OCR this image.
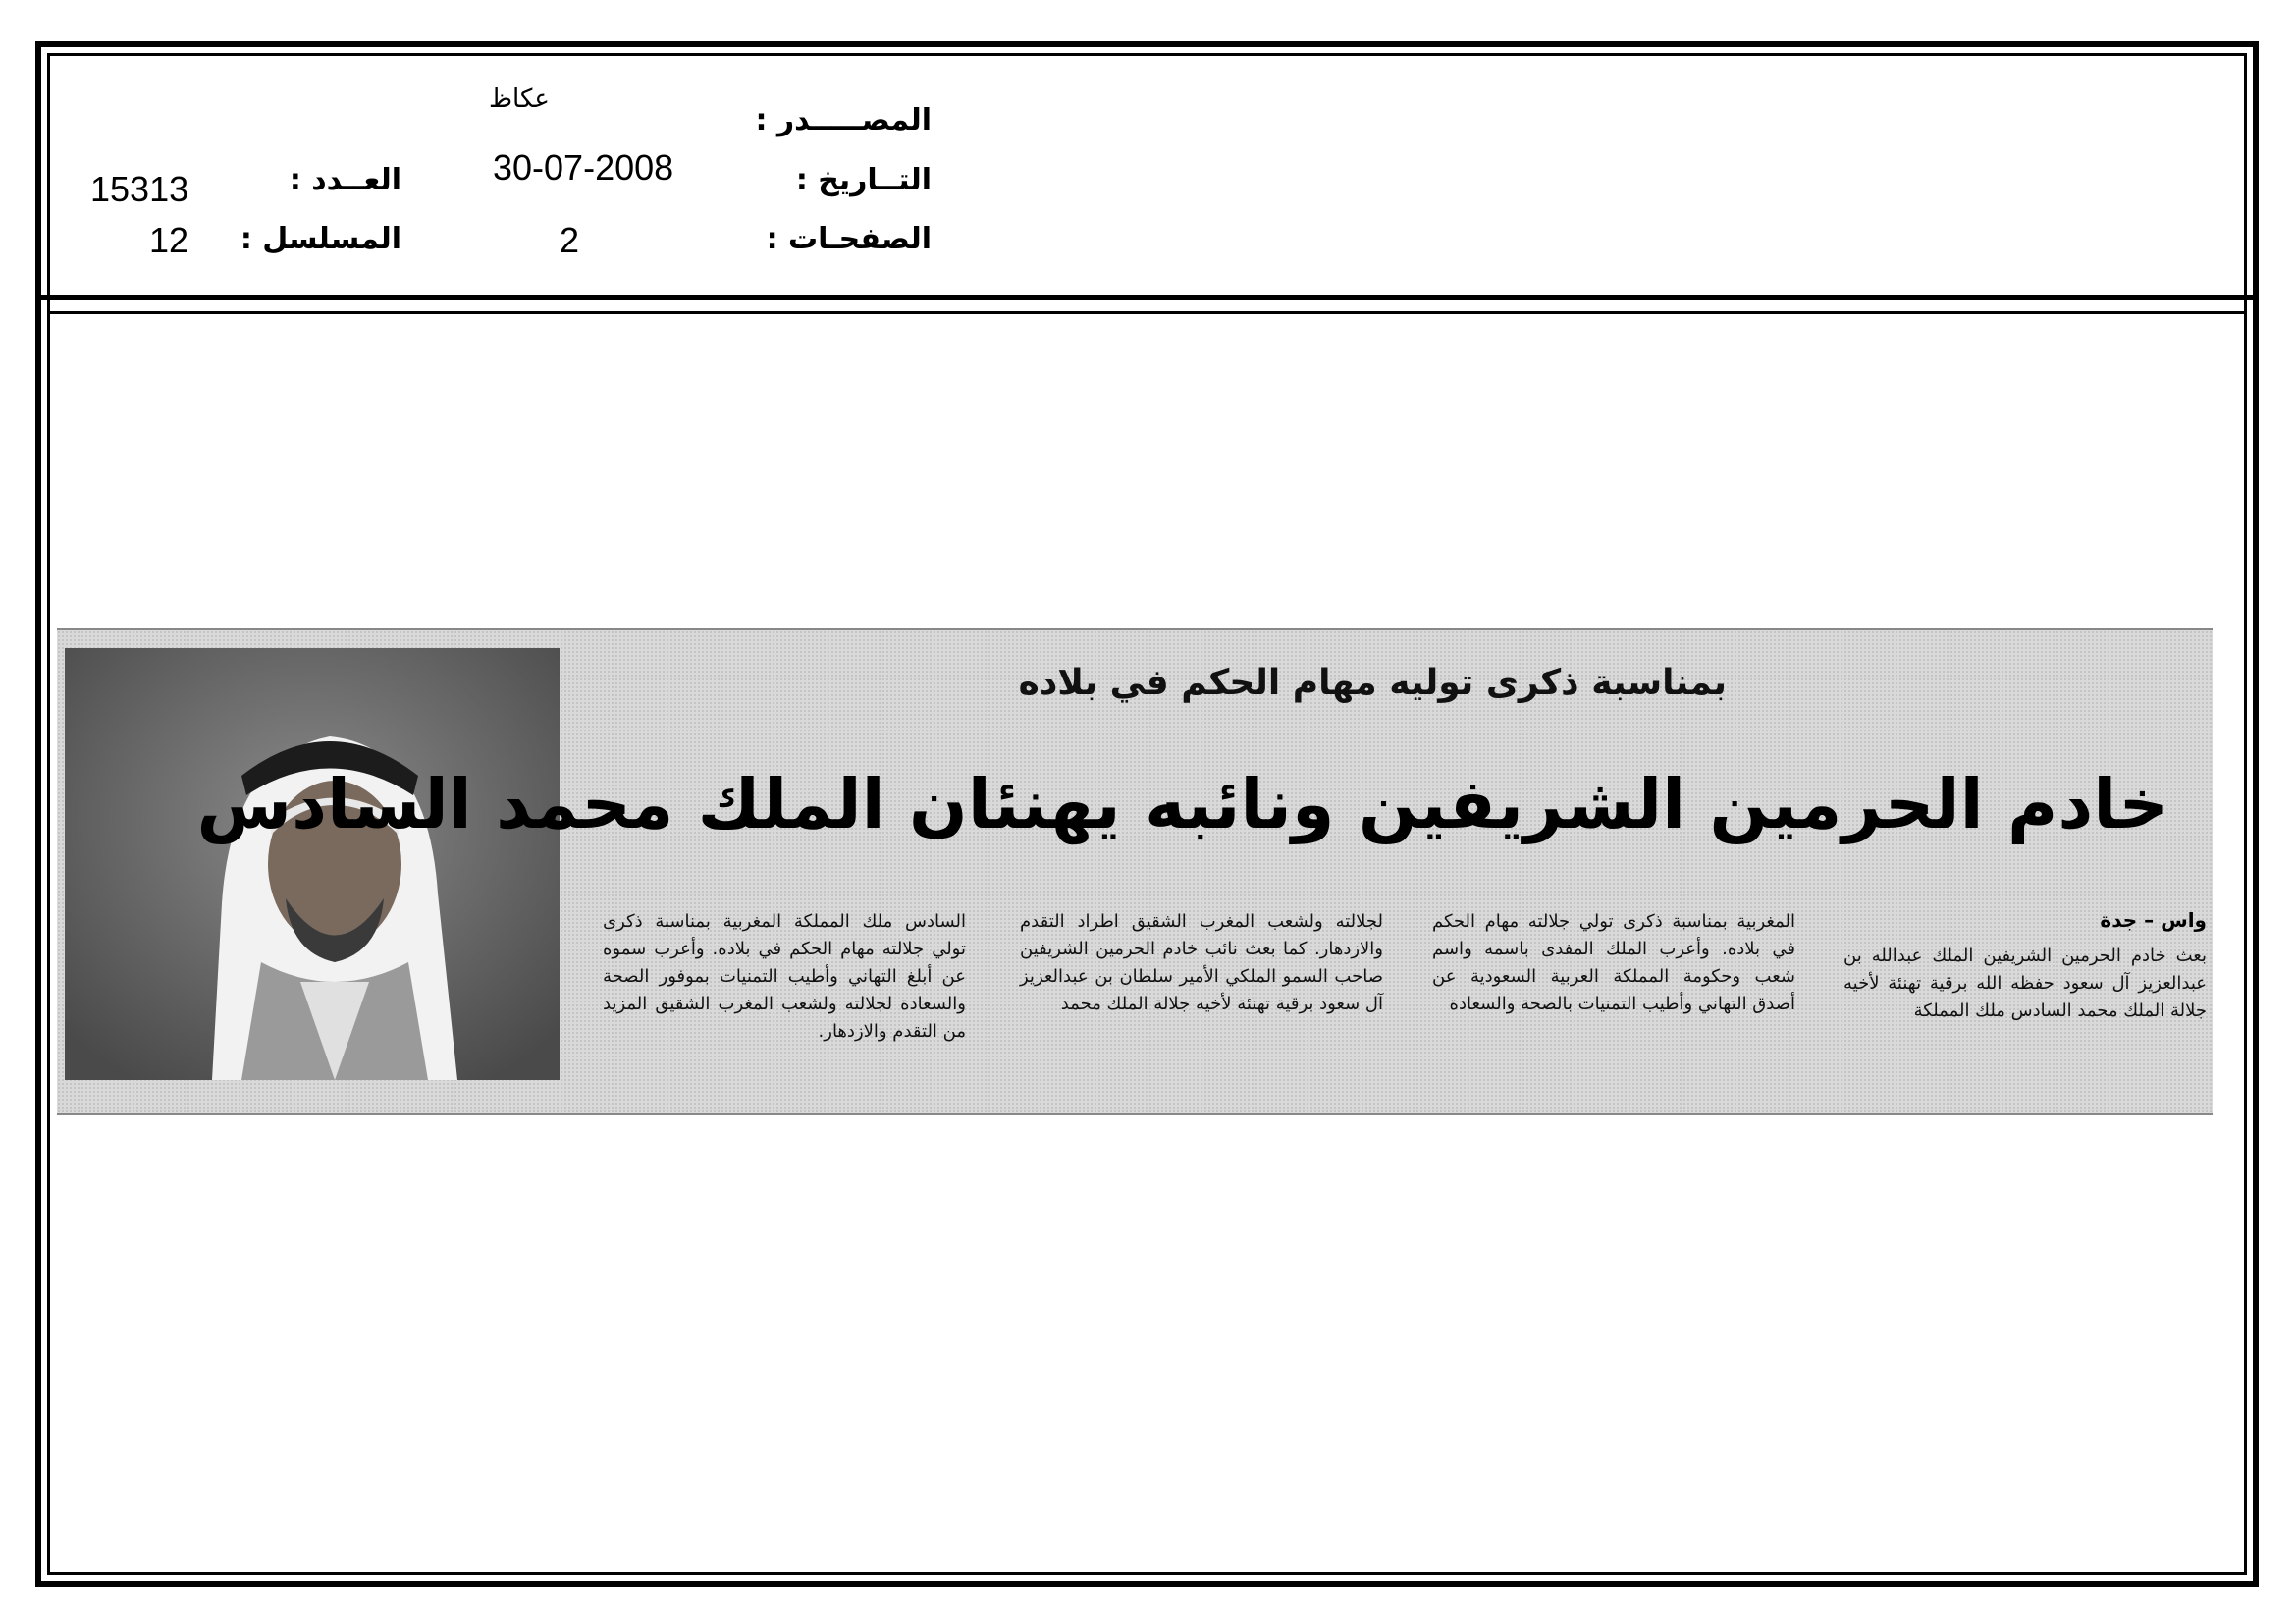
المصـــــدر :
التــاريخ :
الصفحـات :
العــدد :
المسلسل :
عكاظ
30-07-2008
2
15313
12
بمناسبة ذكرى توليه مهام الحكم في بلاده
خادم الحرمين الشريفين ونائبه يهنئان الملك محمد السادس
واس – جدة
بعث خادم الحرمين الشريفين الملك عبدالله بن عبدالعزيز آل سعود حفظه الله برقية تهنئة لأخيه جلالة الملك محمد السادس ملك المملكة
المغربية بمناسبة ذكرى تولي جلالته مهام الحكم في بلاده. وأعرب الملك المفدى باسمه واسم شعب وحكومة المملكة العربية السعودية عن أصدق التهاني وأطيب التمنيات بالصحة والسعادة
لجلالته ولشعب المغرب الشقيق اطراد التقدم والازدهار. كما بعث نائب خادم الحرمين الشريفين صاحب السمو الملكي الأمير سلطان بن عبدالعزيز آل سعود برقية تهنئة لأخيه جلالة الملك محمد
السادس ملك المملكة المغربية بمناسبة ذكرى تولي جلالته مهام الحكم في بلاده. وأعرب سموه عن أبلغ التهاني وأطيب التمنيات بموفور الصحة والسعادة لجلالته ولشعب المغرب الشقيق المزيد من التقدم والازدهار.
